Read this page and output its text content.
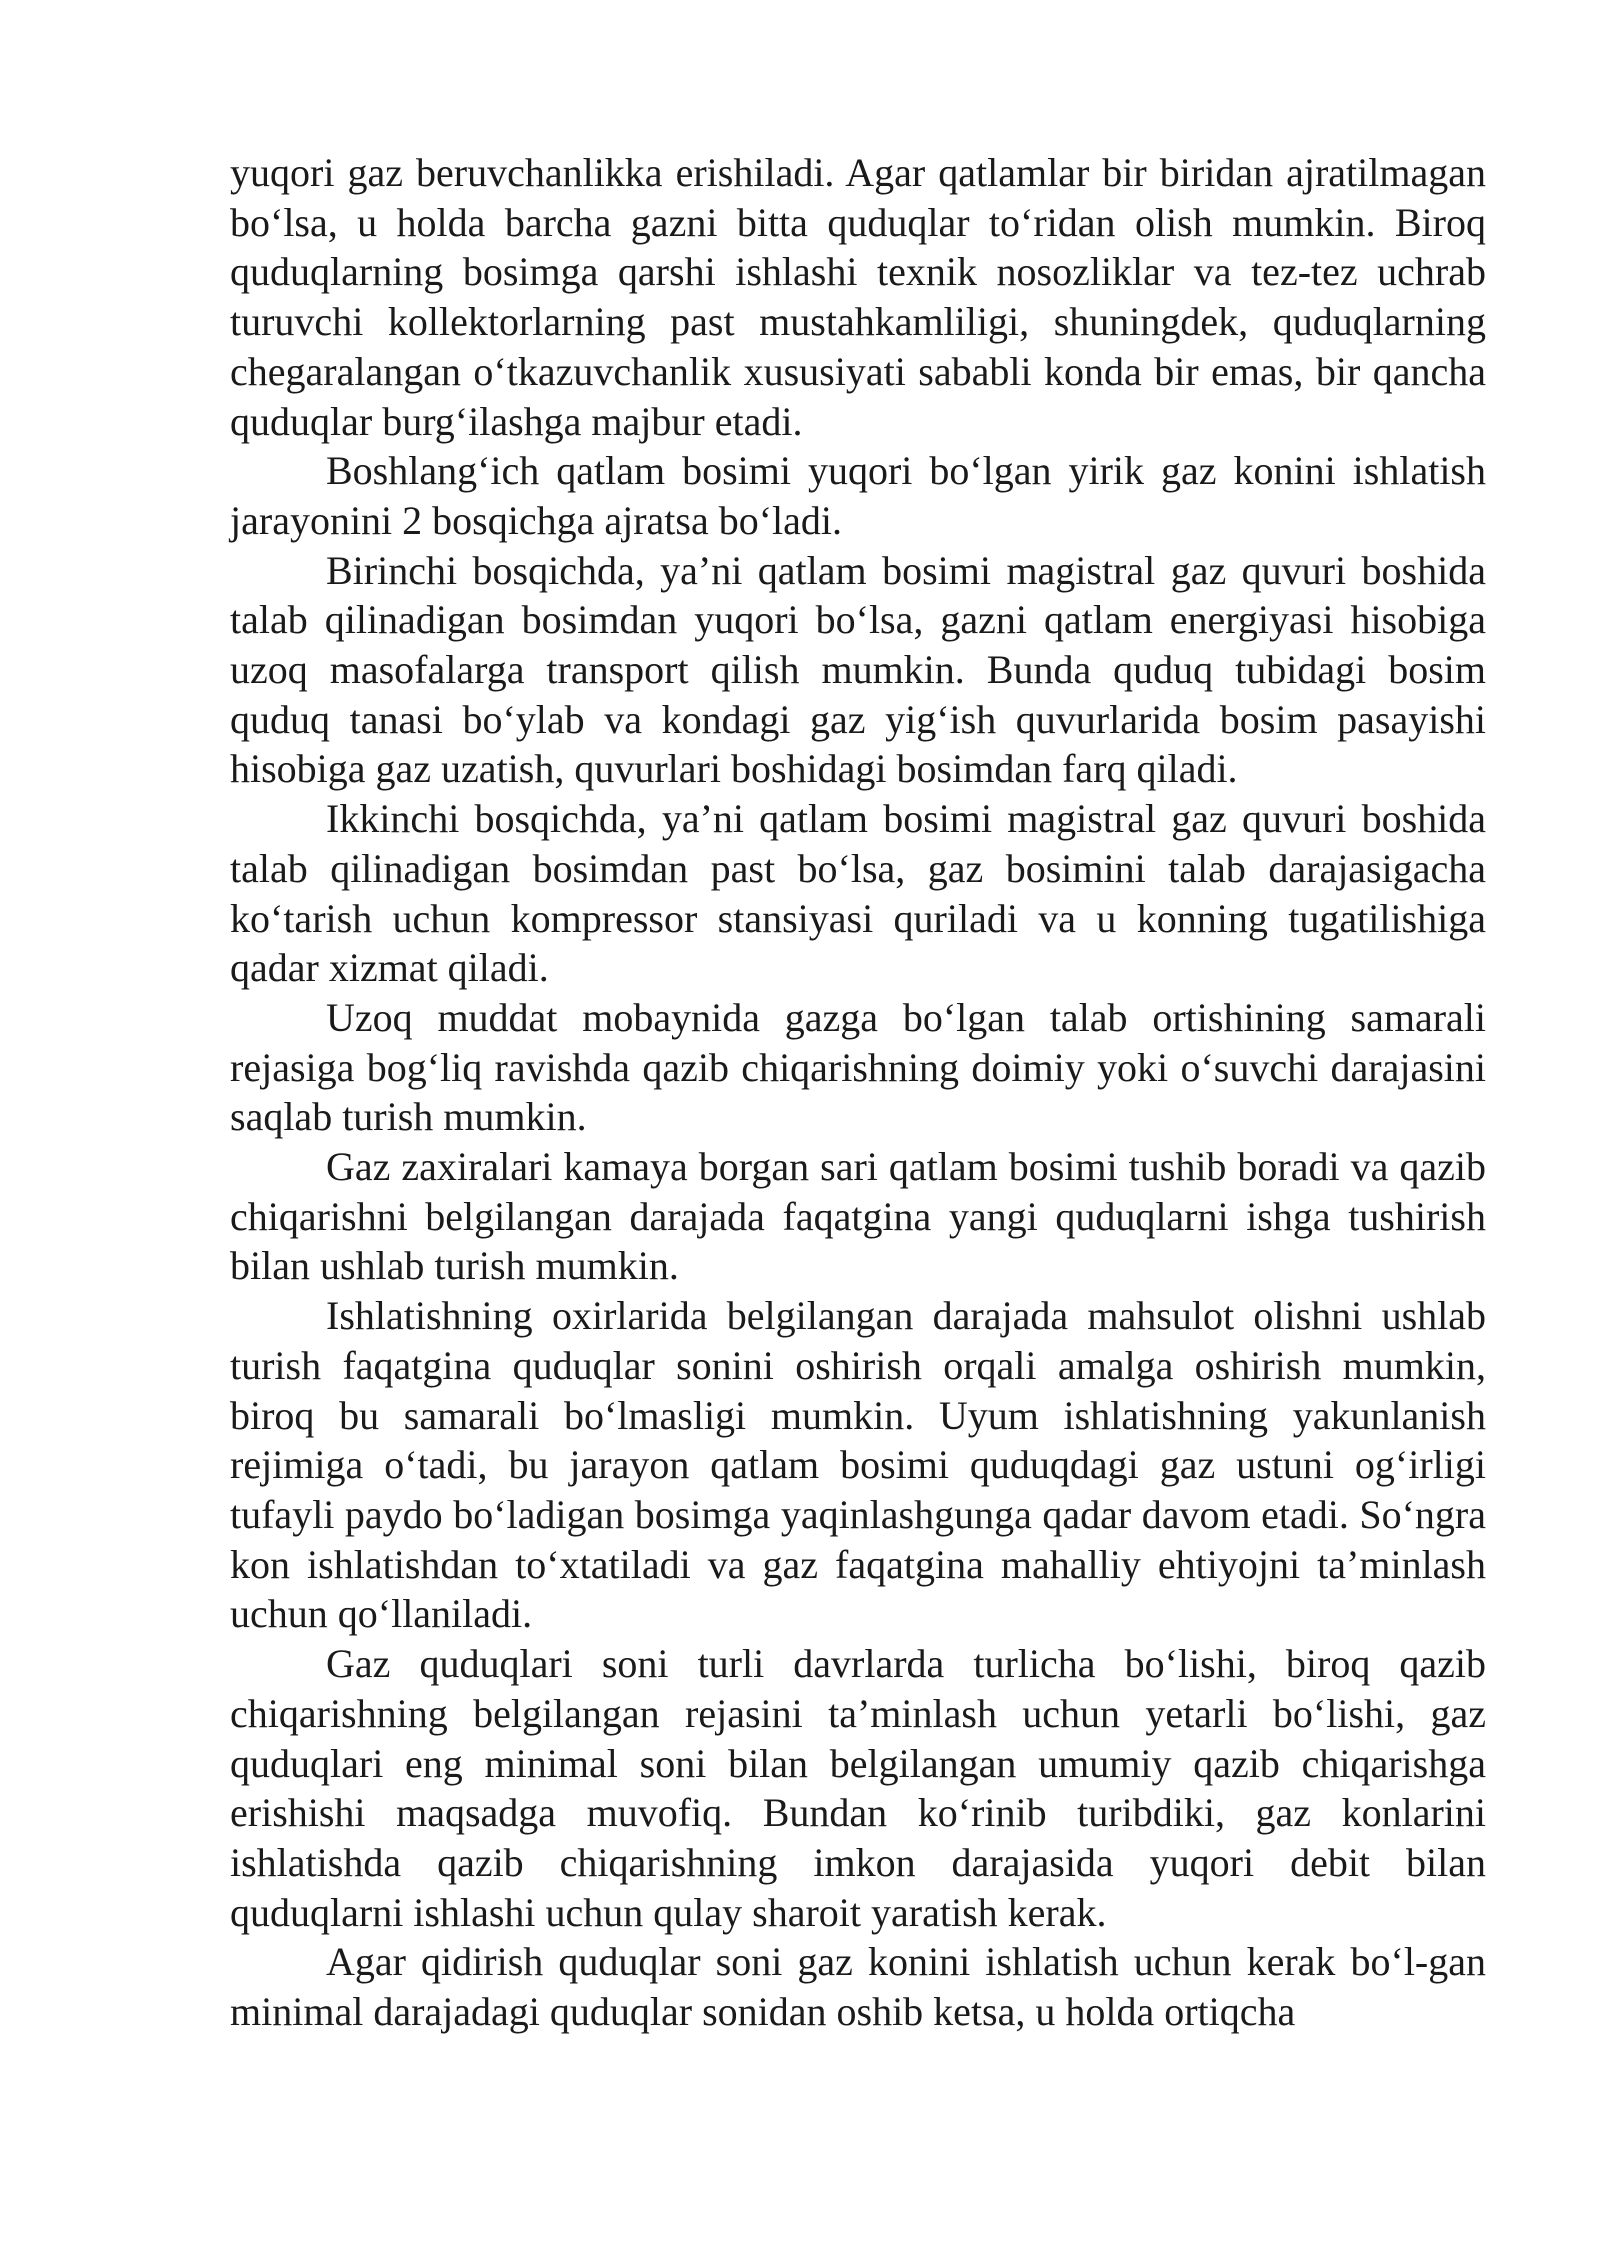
yuqori gaz beruvchanlikka erishiladi. Agar qatlamlar bir biridan ajratilmagan bo‘lsa, u holda barcha gazni bitta quduqlar to‘ridan olish mumkin. Biroq quduqlarning bosimga qarshi ishlashi texnik nosozliklar va tez-tez uchrab turuvchi kollektorlarning past mustahkamliligi, shuningdek, quduqlarning chegaralangan o‘tkazuvchanlik xususiyati sababli konda bir emas, bir qancha quduqlar burg‘ilashga majbur etadi.

Boshlang‘ich qatlam bosimi yuqori bo‘lgan yirik gaz konini ishlatish jarayonini 2 bosqichga ajratsa bo‘ladi.

Birinchi bosqichda, ya’ni qatlam bosimi magistral gaz quvuri boshida talab qilinadigan bosimdan yuqori bo‘lsa, gazni qatlam energiyasi hisobiga uzoq masofalarga transport qilish mumkin. Bunda quduq tubidagi bosim quduq tanasi bo‘ylab va kondagi gaz yig‘ish quvurlarida bosim pasayishi hisobiga gaz uzatish, quvurlari boshidagi bosimdan farq qiladi.

Ikkinchi bosqichda, ya’ni qatlam bosimi magistral gaz quvuri boshida talab qilinadigan bosimdan past bo‘lsa, gaz bosimini talab darajasigacha ko‘tarish uchun kompressor stansiyasi quriladi va u konning tugatilishiga qadar xizmat qiladi.

Uzoq muddat mobaynida gazga bo‘lgan talab ortishining samarali rejasiga bog‘liq ravishda qazib chiqarishning doimiy yoki o‘suvchi darajasini saqlab turish mumkin.

Gaz zaxiralari kamaya borgan sari qatlam bosimi tushib boradi va qazib chiqarishni belgilangan darajada faqatgina yangi quduqlarni ishga tushirish bilan ushlab turish mumkin.

Ishlatishning oxirlarida belgilangan darajada mahsulot olishni ushlab turish faqatgina quduqlar sonini oshirish orqali amalga oshirish mumkin, biroq bu samarali bo‘lmasligi mumkin. Uyum ishlatishning yakunlanish rejimiga o‘tadi, bu jarayon qatlam bosimi quduqdagi gaz ustuni og‘irligi tufayli paydo bo‘ladigan bosimga yaqinlashgunga qadar davom etadi. So‘ngra kon ishlatishdan to‘xtatiladi va gaz faqatgina mahalliy ehtiyojni ta’minlash uchun qo‘llaniladi.

Gaz quduqlari soni turli davrlarda turlicha bo‘lishi, biroq qazib chiqarishning belgilangan rejasini ta’minlash uchun yetarli bo‘lishi, gaz quduqlari eng minimal soni bilan belgilangan umumiy qazib chiqarishga erishishi maqsadga muvofiq. Bundan ko‘rinib turibdiki, gaz konlarini ishlatishda qazib chiqarishning imkon darajasida yuqori debit bilan quduqlarni ishlashi uchun qulay sharoit yaratish kerak.

Agar qidirish quduqlar soni gaz konini ishlatish uchun kerak bo‘l-gan minimal darajadagi quduqlar sonidan oshib ketsa, u holda ortiqcha
